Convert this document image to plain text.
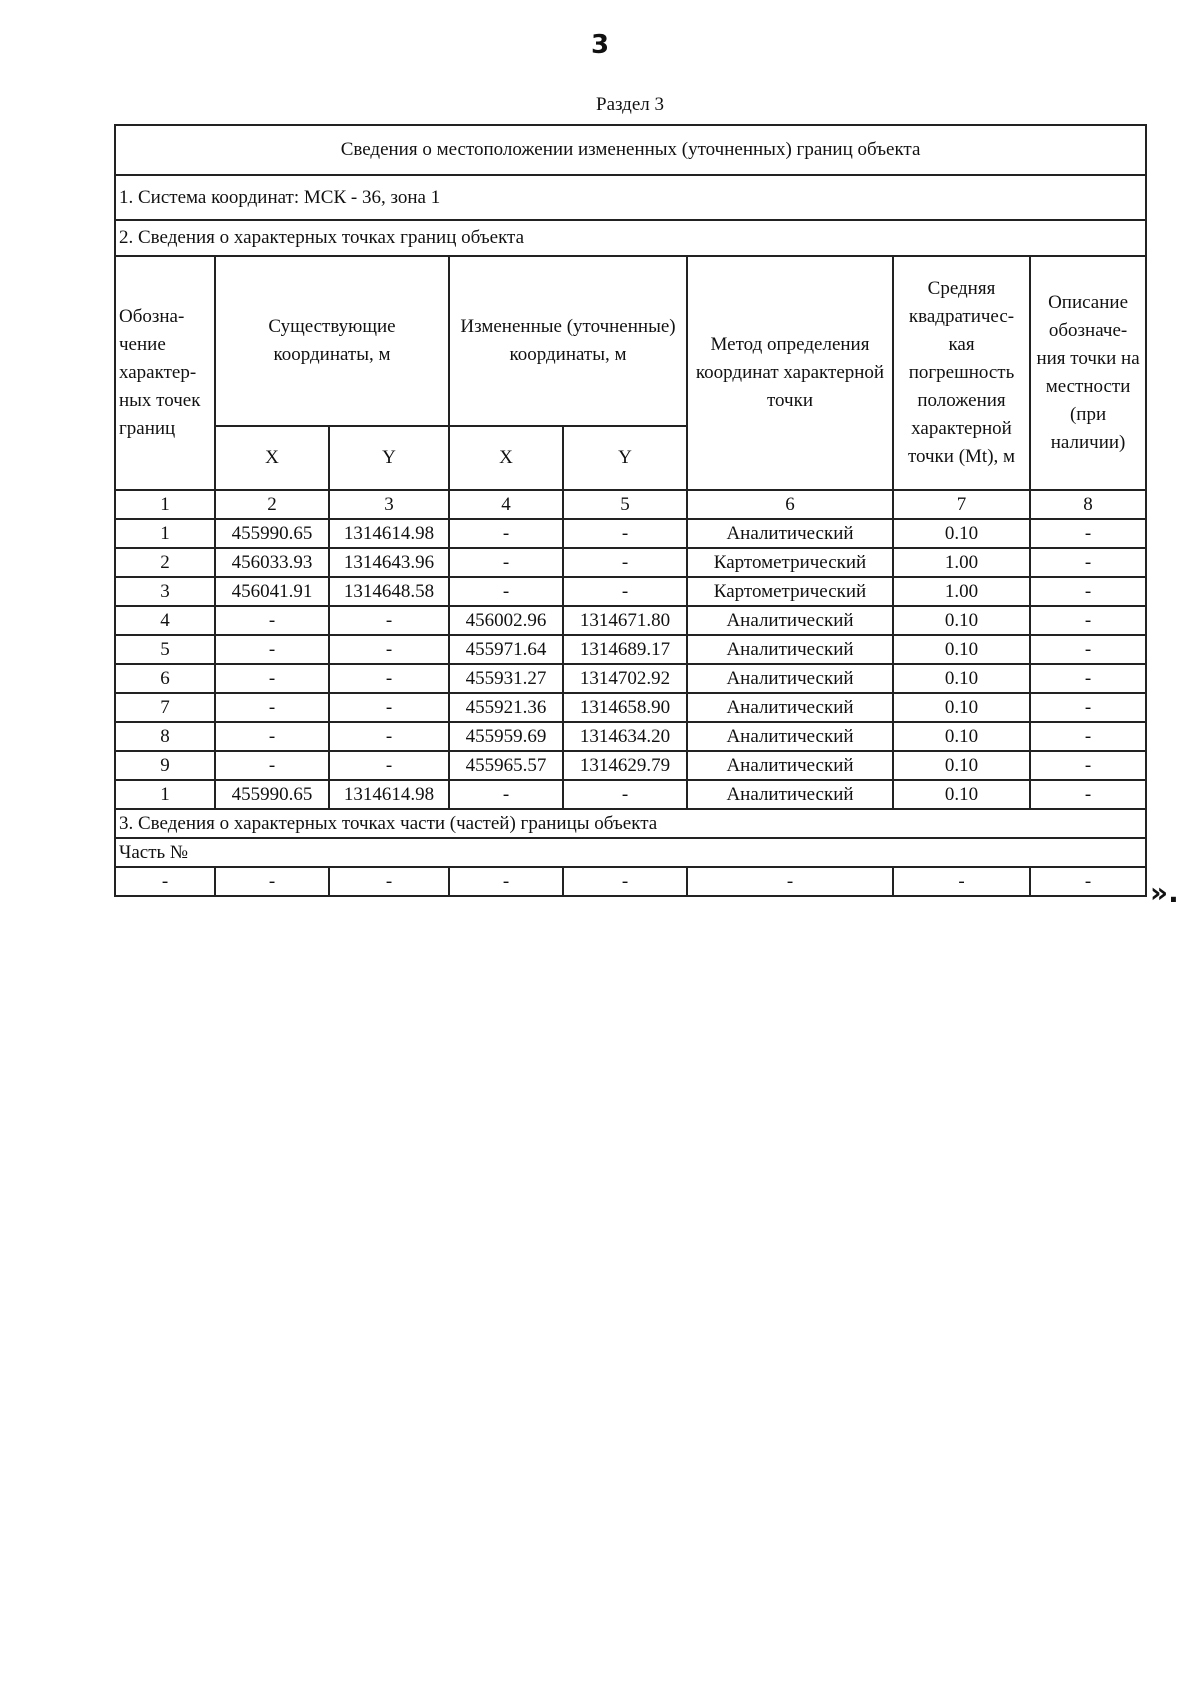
3
Раздел 3
Сведения о местоположении измененных (уточненных) границ объекта							
1. Система координат: МСК - 36, зона 1							
2. Сведения о характерных точках границ объекта							
Обозна- чение характер- ных точек границ	Существующие координаты, м		Измененные (уточненные) координаты, м		Метод определения координат характерной точки	Средняя квадратичес- кая погрешность положения характерной точки (Mt), м	Описание обозначе- ния точки на местности (при наличии)
	X	Y	X	Y			
1	2	3	4	5	6	7	8
1	455990.65	1314614.98	-	-	Аналитический	0.10	-
2	456033.93	1314643.96	-	-	Картометрический	1.00	-
3	456041.91	1314648.58	-	-	Картометрический	1.00	-
4	-	-	456002.96	1314671.80	Аналитический	0.10	-
5	-	-	455971.64	1314689.17	Аналитический	0.10	-
6	-	-	455931.27	1314702.92	Аналитический	0.10	-
7	-	-	455921.36	1314658.90	Аналитический	0.10	-
8	-	-	455959.69	1314634.20	Аналитический	0.10	-
9	-	-	455965.57	1314629.79	Аналитический	0.10	-
1	455990.65	1314614.98	-	-	Аналитический	0.10	-
3. Сведения о характерных точках части (частей) границы объекта							
Часть №							
-	-	-	-	-	-	-	- ».
